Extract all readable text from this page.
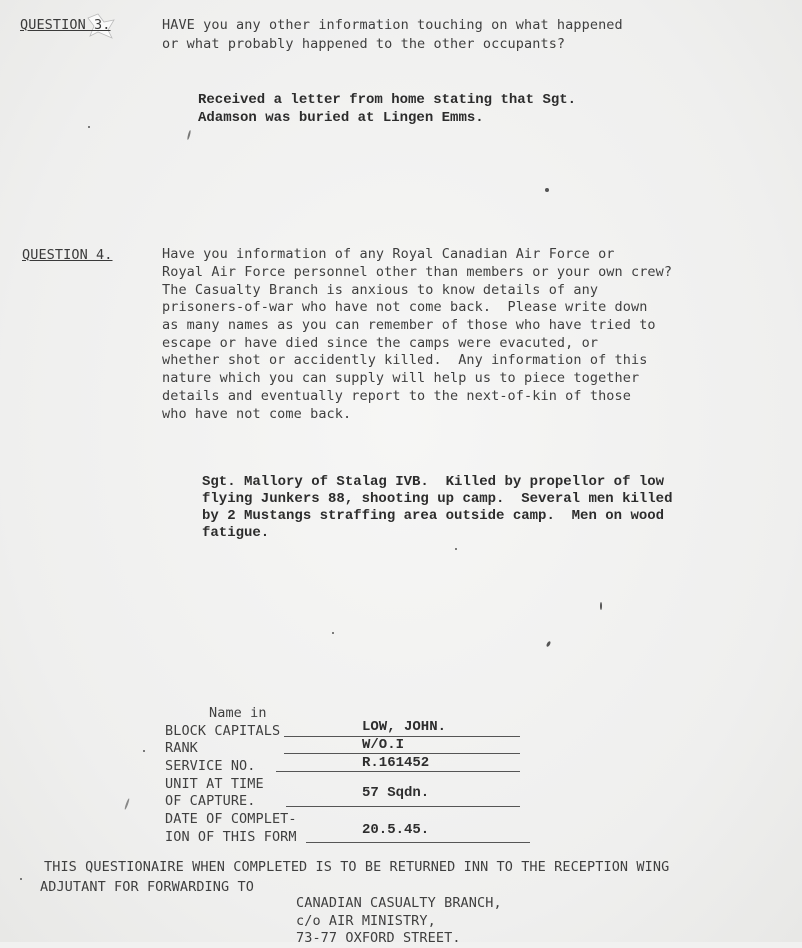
QUESTION 3.	HAVE you any other information touching on what happened
or what probably happened to the other occupants?
Received a letter from home stating that Sgt.
Adamson was buried at Lingen Emms.
QUESTION 4.	Have you information of any Royal Canadian Air Force or
Royal Air Force personnel other than members or your own crew?
The Casualty Branch is anxious to know details of any
prisoners-of-war who have not come back.  Please write down
as many names as you can remember of those who have tried to
escape or have died since the camps were evacuted, or
whether shot or accidently killed.  Any information of this
nature which you can supply will help us to piece together
details and eventually report to the next-of-kin of those
who have not come back.
Sgt. Mallory of Stalag IVB.  Killed by propellor of low
flying Junkers 88, shooting up camp.  Several men killed
by 2 Mustangs straffing area outside camp.  Men on wood
fatigue.
Name in
BLOCK CAPITALS	LOW, JOHN.
RANK	W/O.I
SERVICE NO.	R.161452
UNIT AT TIME
OF CAPTURE.	57 Sqdn.
DATE OF COMPLET-
ION OF THIS FORM	20.5.45.
THIS QUESTIONAIRE WHEN COMPLETED IS TO BE RETURNED INN TO THE RECEPTION WING
ADJUTANT FOR FORWARDING TO
CANADIAN CASUALTY BRANCH,
c/o AIR MINISTRY,
73-77 OXFORD STREET.
